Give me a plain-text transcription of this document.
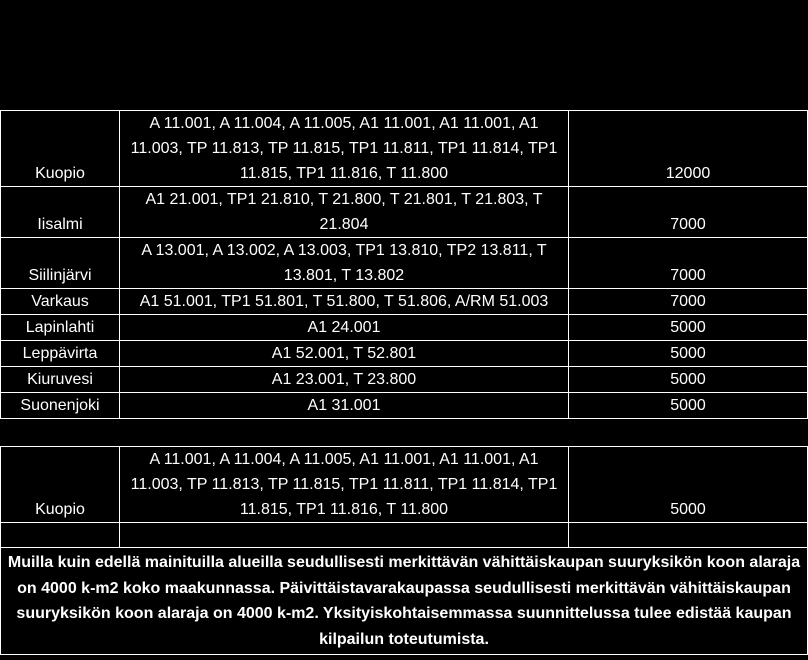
Kuopio	A 11.001, A 11.004, A 11.005, A1 11.001, A1 11.001, A1 11.003, TP 11.813, TP 11.815, TP1 11.811, TP1 11.814, TP1 11.815, TP1 11.816, T 11.800	12000
Iisalmi	A1 21.001, TP1 21.810, T 21.800, T 21.801, T 21.803, T 21.804	7000
Siilinjärvi	A 13.001, A 13.002, A 13.003, TP1 13.810, TP2 13.811, T 13.801, T 13.802	7000
Varkaus	A1 51.001, TP1 51.801, T 51.800, T 51.806, A/RM 51.003	7000
Lapinlahti	A1 24.001	5000
Leppävirta	A1 52.001, T 52.801	5000
Kiuruvesi	A1 23.001, T 23.800	5000
Suonenjoki	A1 31.001	5000
Kuopio	A 11.001, A 11.004, A 11.005, A1 11.001, A1 11.001, A1 11.003, TP 11.813, TP 11.815, TP1 11.811, TP1 11.814, TP1 11.815, TP1 11.816, T 11.800	5000

Muilla kuin edellä mainituilla alueilla seudullisesti merkittävän vähittäiskaupan suuryksikön koon alaraja on 4000 k-m2 koko maakunnassa. Päivittäistavarakaupassa seudullisesti merkittävän vähittäiskaupan suuryksikön koon alaraja on 4000 k-m2. Yksityiskohtaisemmassa suunnittelussa tulee edistää kaupan kilpailun toteutumista.		
